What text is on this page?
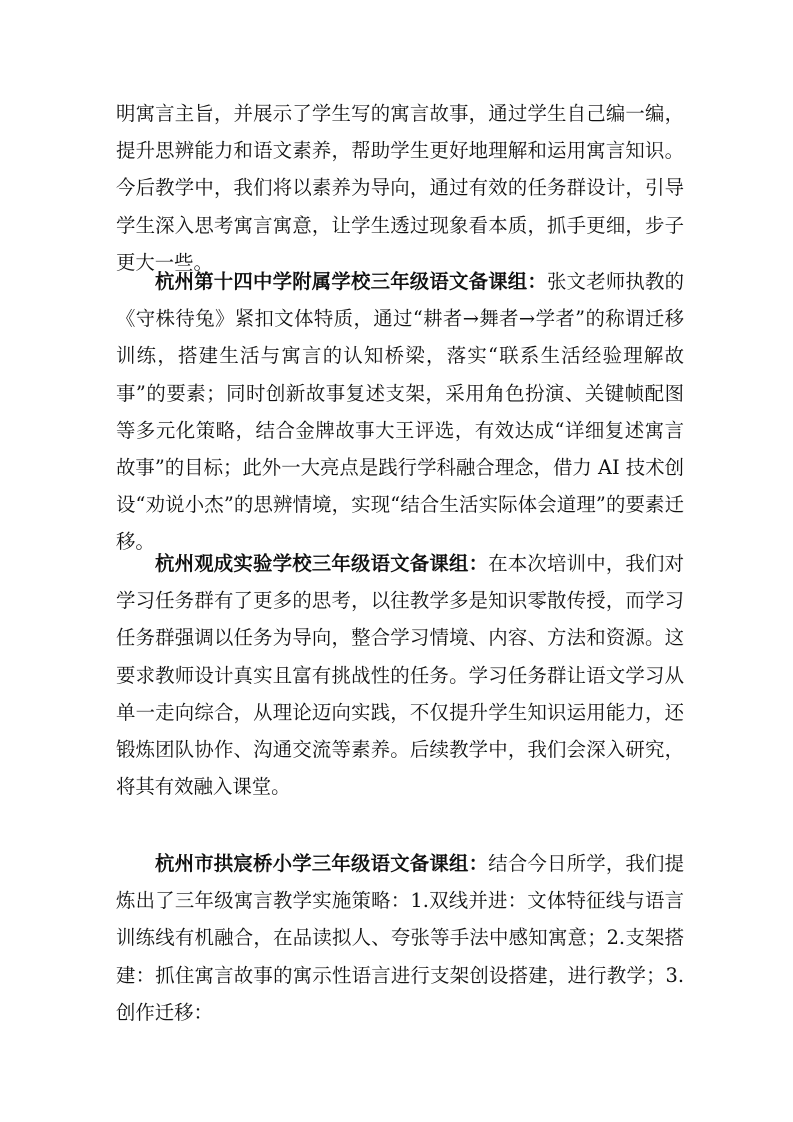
明寓言主旨，并展示了学生写的寓言故事，通过学生自己编一编，提升思辨能力和语文素养，帮助学生更好地理解和运用寓言知识。今后教学中，我们将以素养为导向，通过有效的任务群设计，引导学生深入思考寓言寓意，让学生透过现象看本质，抓手更细，步子更大一些。

杭州第十四中学附属学校三年级语文备课组：张文老师执教的《守株待兔》紧扣文体特质，通过“耕者→舞者→学者”的称谓迁移训练，搭建生活与寓言的认知桥梁，落实“联系生活经验理解故事”的要素；同时创新故事复述支架，采用角色扮演、关键帧配图等多元化策略，结合金牌故事大王评选，有效达成“详细复述寓言故事”的目标；此外一大亮点是践行学科融合理念，借力 AI 技术创设“劝说小杰”的思辨情境，实现“结合生活实际体会道理”的要素迁移。

杭州观成实验学校三年级语文备课组：在本次培训中，我们对学习任务群有了更多的思考，以往教学多是知识零散传授，而学习任务群强调以任务为导向，整合学习情境、内容、方法和资源。这要求教师设计真实且富有挑战性的任务。学习任务群让语文学习从单一走向综合，从理论迈向实践，不仅提升学生知识运用能力，还锻炼团队协作、沟通交流等素养。后续教学中，我们会深入研究，将其有效融入课堂。

杭州市拱宸桥小学三年级语文备课组：结合今日所学，我们提炼出了三年级寓言教学实施策略：1.双线并进：文体特征线与语言训练线有机融合，在品读拟人、夸张等手法中感知寓意；2.支架搭建：抓住寓言故事的寓示性语言进行支架创设搭建，进行教学；3.创作迁移：
